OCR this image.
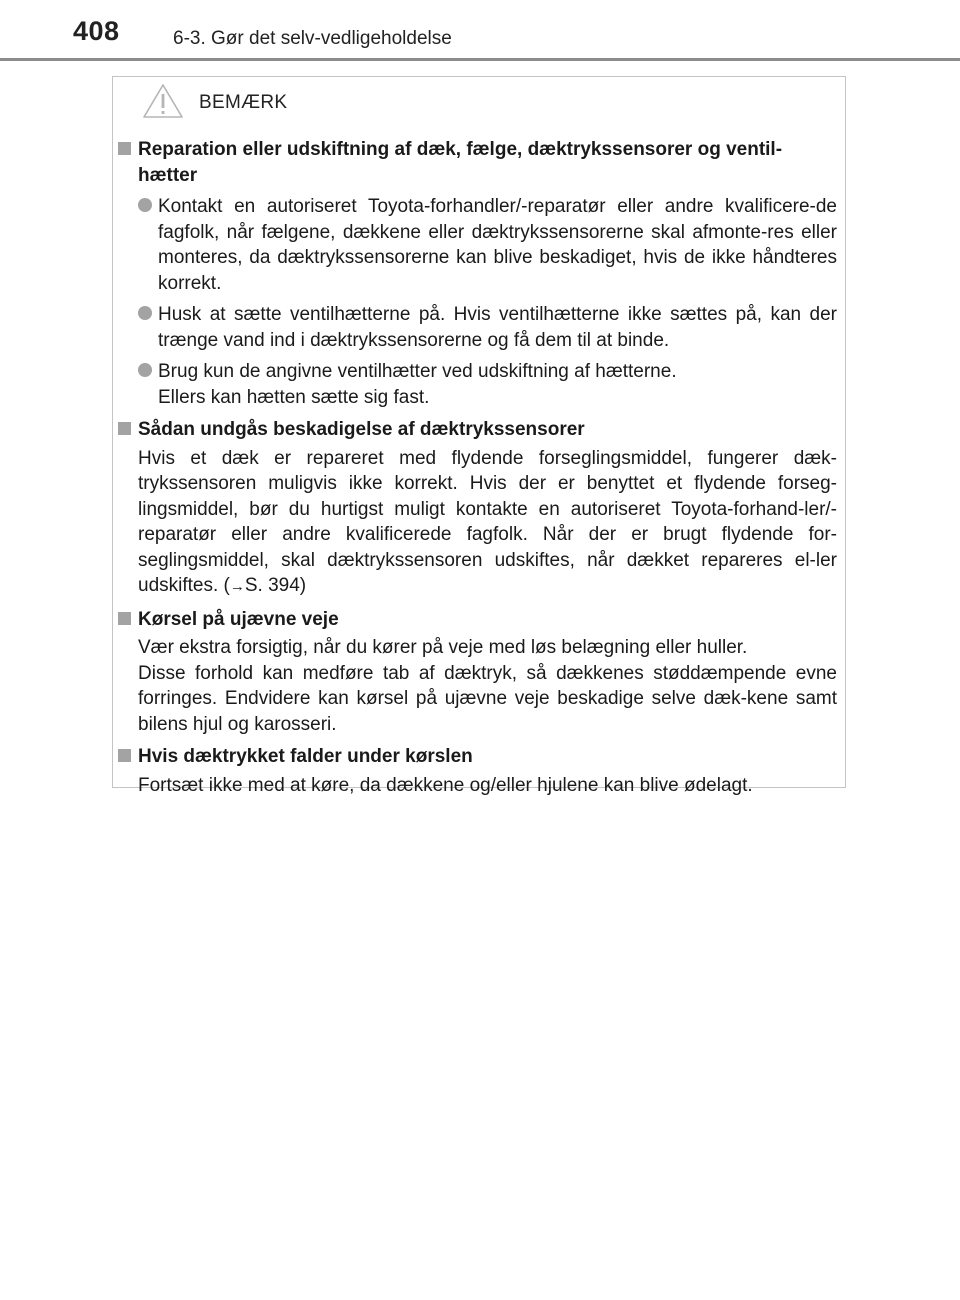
408	6-3. Gør det selv-vedligeholdelse
BEMÆRK
Reparation eller udskiftning af dæk, fælge, dæktrykssensorer og ventil-hætter
Kontakt en autoriseret Toyota-forhandler/-reparatør eller andre kvalificere-de fagfolk, når fælgene, dækkene eller dæktrykssensorerne skal afmonte-res eller monteres, da dæktrykssensorerne kan blive beskadiget, hvis de ikke håndteres korrekt.
Husk at sætte ventilhætterne på. Hvis ventilhætterne ikke sættes på, kan der trænge vand ind i dæktrykssensorerne og få dem til at binde.
Brug kun de angivne ventilhætter ved udskiftning af hætterne.
Ellers kan hætten sætte sig fast.
Sådan undgås beskadigelse af dæktrykssensorer
Hvis et dæk er repareret med flydende forseglingsmiddel, fungerer dæk-trykssensoren muligvis ikke korrekt. Hvis der er benyttet et flydende forseg-lingsmiddel, bør du hurtigst muligt kontakte en autoriseret Toyota-forhand-ler/-reparatør eller andre kvalificerede fagfolk. Når der er brugt flydende for-seglingsmiddel, skal dæktrykssensoren udskiftes, når dækket repareres el-ler udskiftes. (→S. 394)
Kørsel på ujævne veje
Vær ekstra forsigtig, når du kører på veje med løs belægning eller huller.
Disse forhold kan medføre tab af dæktryk, så dækkenes støddæmpende evne forringes. Endvidere kan kørsel på ujævne veje beskadige selve dæk-kene samt bilens hjul og karosseri.
Hvis dæktrykket falder under kørslen
Fortsæt ikke med at køre, da dækkene og/eller hjulene kan blive ødelagt.
